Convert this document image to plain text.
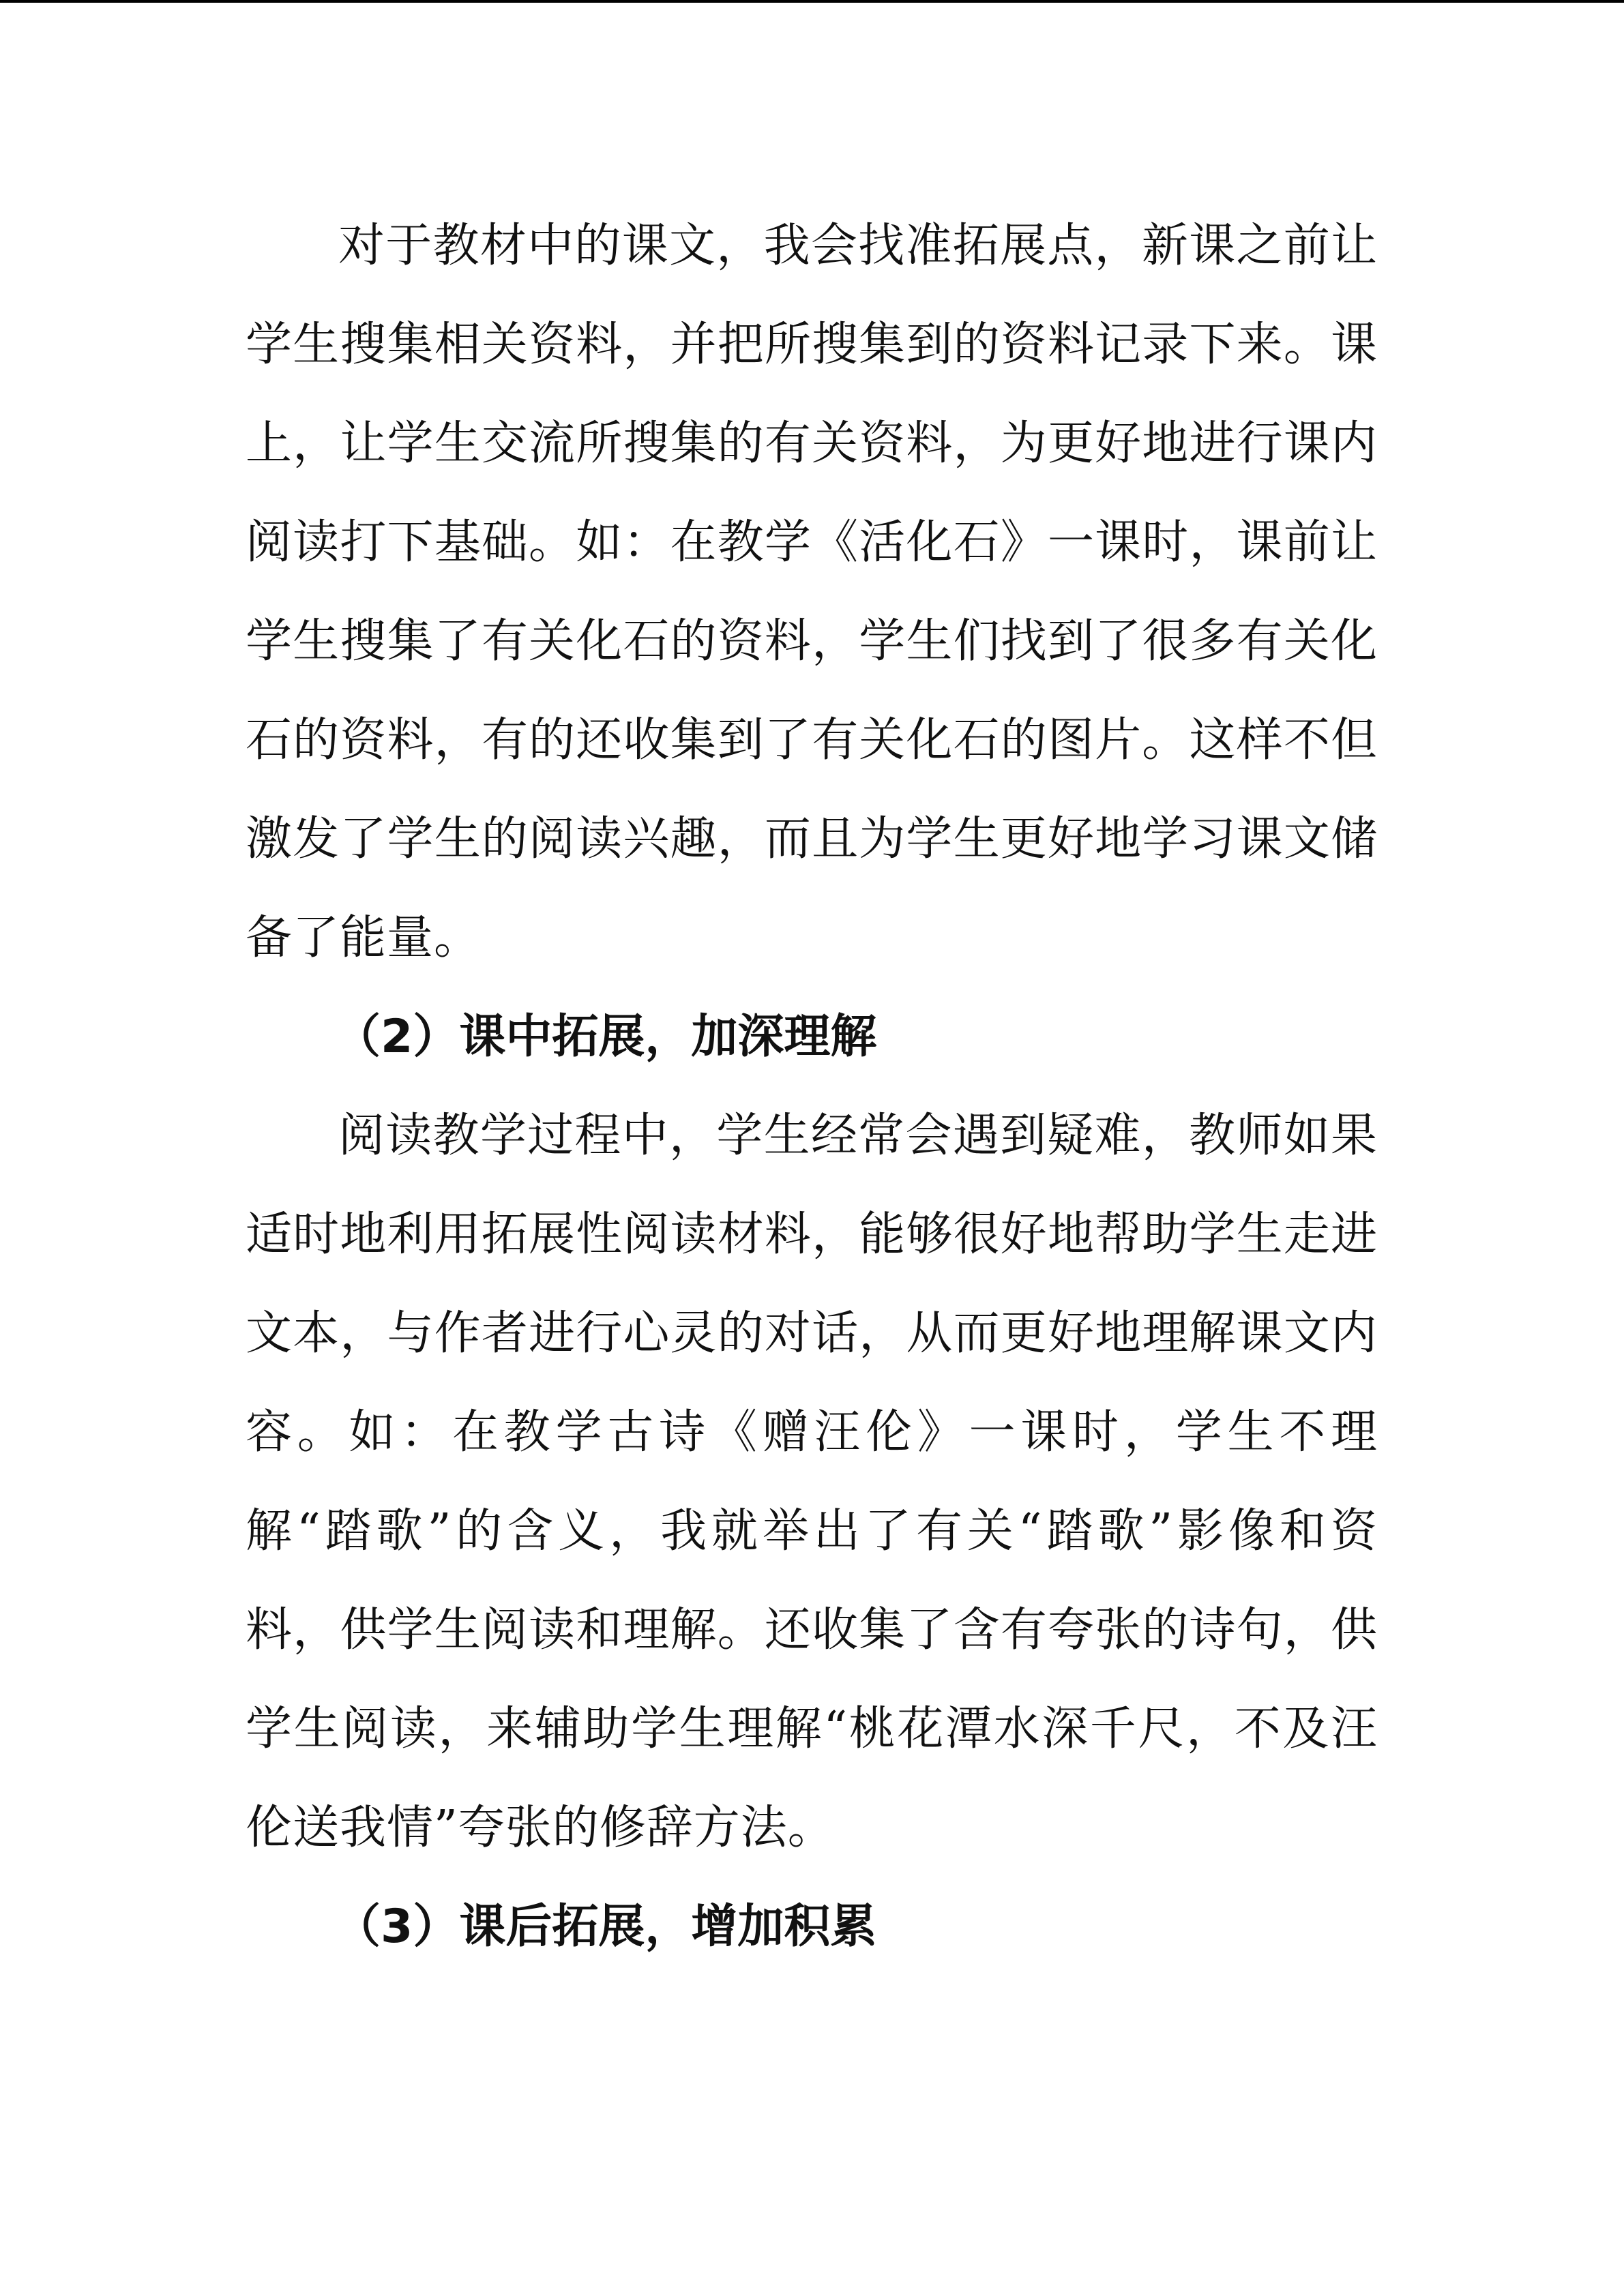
对于教材中的课文，我会找准拓展点，新课之前让学生搜集相关资料，并把所搜集到的资料记录下来。课上，让学生交流所搜集的有关资料，为更好地进行课内阅读打下基础。如：在教学《活化石》一课时，课前让学生搜集了有关化石的资料，学生们找到了很多有关化石的资料，有的还收集到了有关化石的图片。这样不但激发了学生的阅读兴趣，而且为学生更好地学习课文储备了能量。

（2）课中拓展，加深理解

阅读教学过程中，学生经常会遇到疑难，教师如果适时地利用拓展性阅读材料，能够很好地帮助学生走进文本，与作者进行心灵的对话，从而更好地理解课文内容。如：在教学古诗《赠汪伦》一课时，学生不理解“踏歌”的含义，我就举出了有关“踏歌”影像和资料，供学生阅读和理解。还收集了含有夸张的诗句，供学生阅读，来辅助学生理解“桃花潭水深千尺，不及汪伦送我情”夸张的修辞方法。

（3）课后拓展，增加积累
